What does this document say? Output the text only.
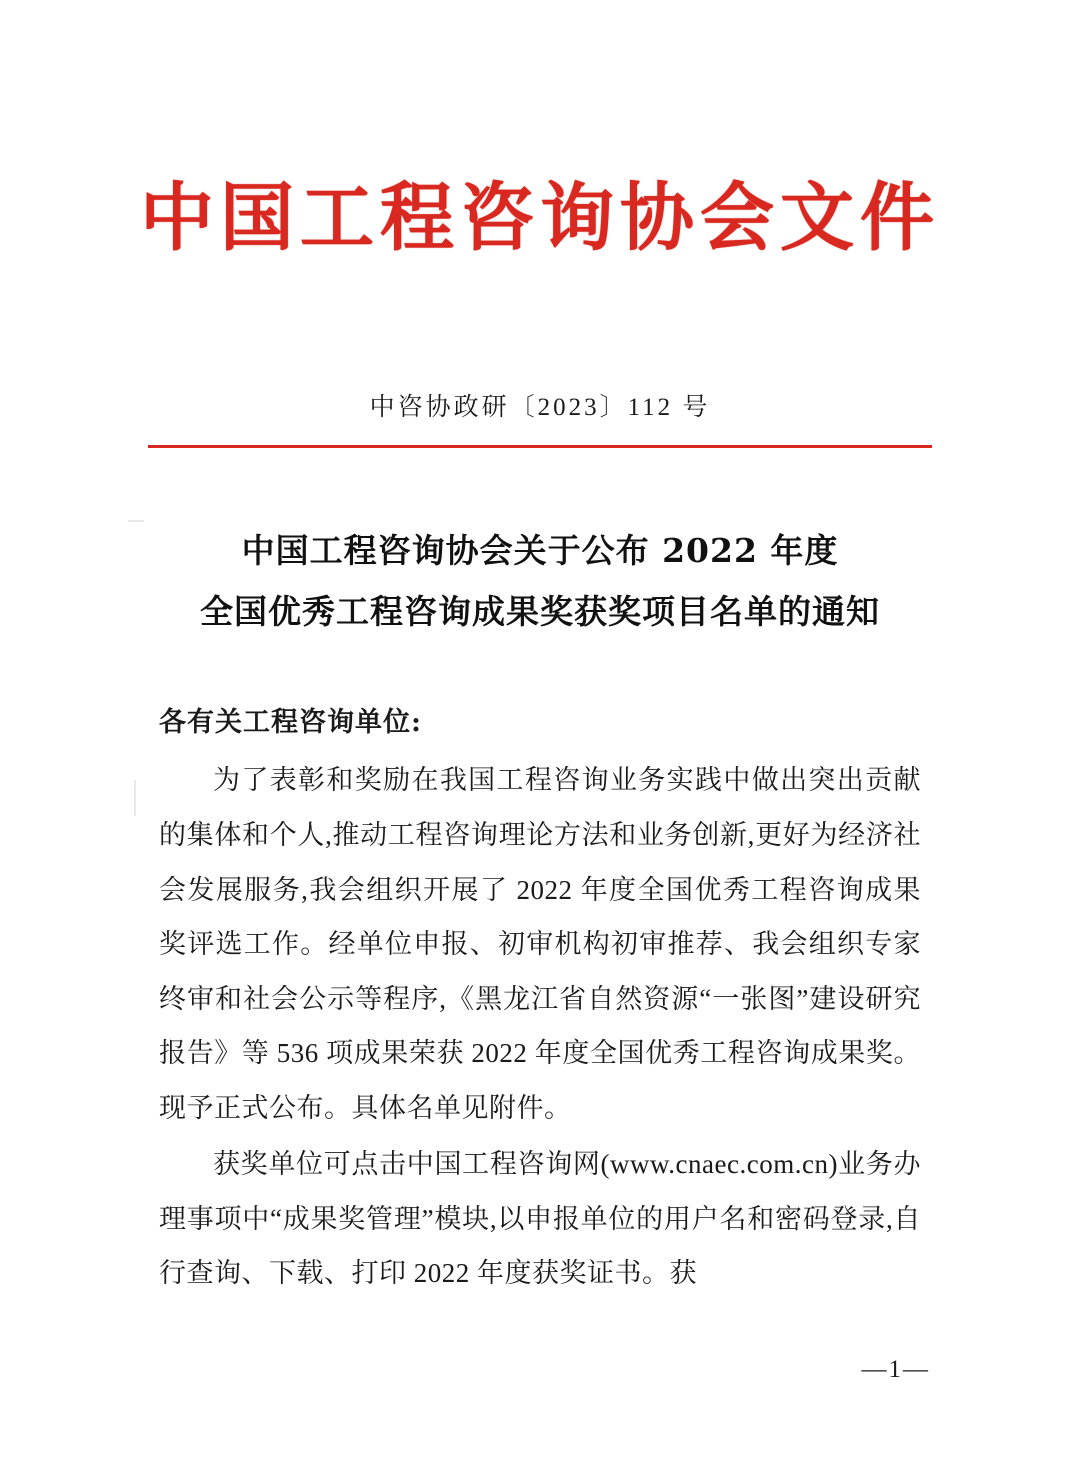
中国工程咨询协会文件
中咨协政研〔2023〕112 号
中国工程咨询协会关于公布 2022 年度
全国优秀工程咨询成果奖获奖项目名单的通知
各有关工程咨询单位:

为了表彰和奖励在我国工程咨询业务实践中做出突出贡献的集体和个人,推动工程咨询理论方法和业务创新,更好为经济社会发展服务,我会组织开展了 2022 年度全国优秀工程咨询成果奖评选工作。经单位申报、初审机构初审推荐、我会组织专家终审和社会公示等程序,《黑龙江省自然资源“一张图”建设研究报告》等 536 项成果荣获 2022 年度全国优秀工程咨询成果奖。现予正式公布。具体名单见附件。

获奖单位可点击中国工程咨询网(www.cnaec.com.cn)业务办理事项中“成果奖管理”模块,以申报单位的用户名和密码登录,自行查询、下载、打印 2022 年度获奖证书。获

—1—
